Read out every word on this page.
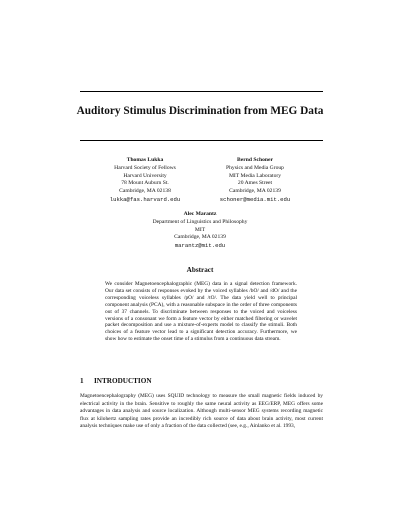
Auditory Stimulus Discrimination from MEG Data
Thomas Lukka
Harvard Society of Fellows
Harvard University
78 Mount Auburn St.
Cambridge, MA 02138
lukka@fas.harvard.edu
Bernd Schoner
Physics and Media Group
MIT Media Laboratory
20 Ames Street
Cambridge, MA 02139
schoner@media.mit.edu
Alec Marantz
Department of Linguistics and Philosophy
MIT
Cambridge, MA 02139
marantz@mit.edu
Abstract
We consider Magnetoencephalographic (MEG) data in a signal detection framework. Our data set consists of responses evoked by the voiced syllables /bO/ and /dO/ and the corresponding voiceless syllables /pO/ and /tO/. The data yield well to principal component analysis (PCA), with a reasonable subspace in the order of three components out of 37 channels. To discriminate between responses to the voiced and voiceless versions of a consonant we form a feature vector by either matched filtering or wavelet packet decomposition and use a mixture-of-experts model to classify the stimuli. Both choices of a feature vector lead to a significant detection accuracy. Furthermore, we show how to estimate the onset time of a stimulus from a continuous data stream.
1 INTRODUCTION
Magnetoencephalography (MEG) uses SQUID technology to measure the small magnetic fields induced by electrical activity in the brain. Sensitive to roughly the same neural activity as EEG/ERP, MEG offers some advantages in data analysis and source localization. Although multi-sensor MEG systems recording magnetic flux at kilohertz sampling rates provide an incredibly rich source of data about brain activity, most current analysis techniques make use of only a fraction of the data collected (see, e.g., Ainlanko et al. 1993,
